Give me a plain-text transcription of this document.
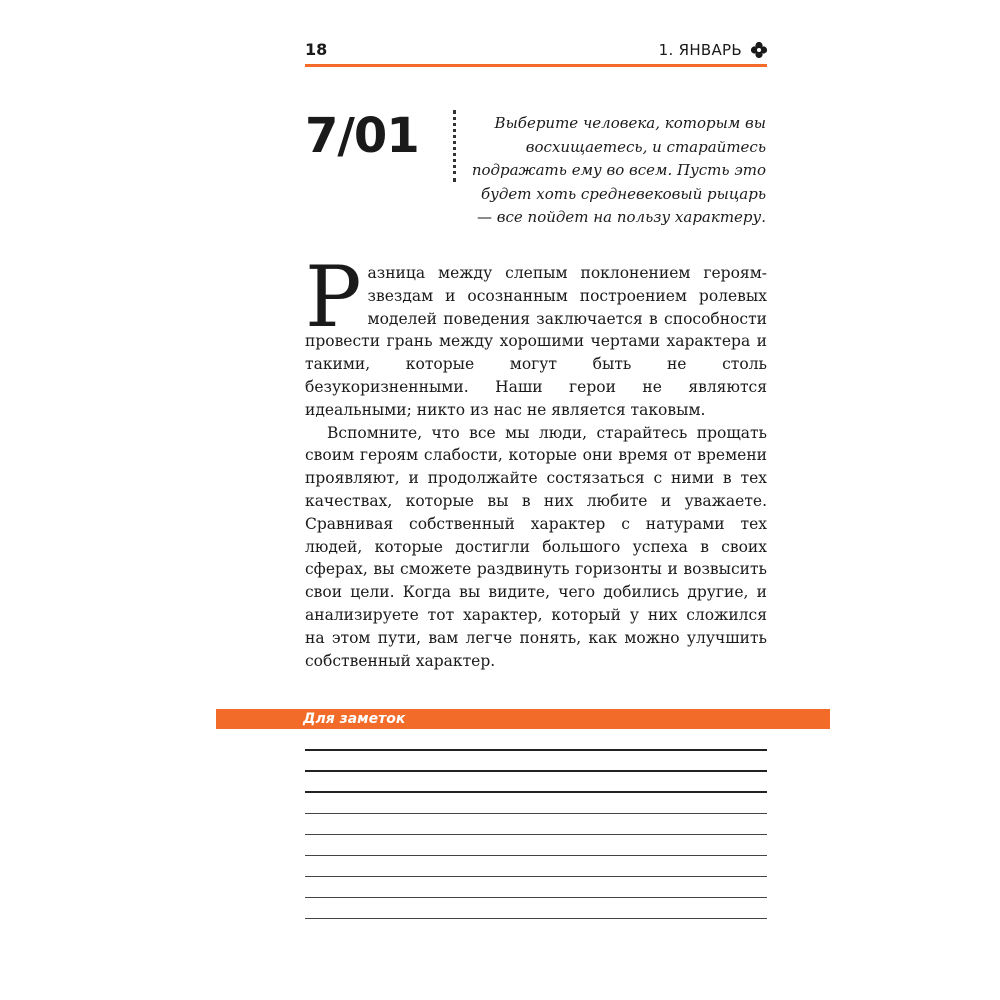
18	1. ЯНВАРЬ
7/01	Выберите человека, которым вы восхищаетесь, и старайтесь подражать ему во всем. Пусть это будет хоть средневековый рыцарь — все пойдет на пользу характеру.

Разница между слепым поклонением героям-звездам и осознанным построением ролевых моделей поведения заключается в способности провести грань между хорошими чертами характера и такими, которые могут быть не столь безукоризненными. Наши герои не являются идеальными; никто из нас не является таковым.

Вспомните, что все мы люди, старайтесь прощать своим героям слабости, которые они время от времени проявляют, и продолжайте состязаться с ними в тех качествах, которые вы в них любите и уважаете. Сравнивая собственный характер с натурами тех людей, которые достигли большого успеха в своих сферах, вы сможете раздвинуть горизонты и возвысить свои цели. Когда вы видите, чего добились другие, и анализируете тот характер, который у них сложился на этом пути, вам легче понять, как можно улучшить собственный характер.

Для заметок
